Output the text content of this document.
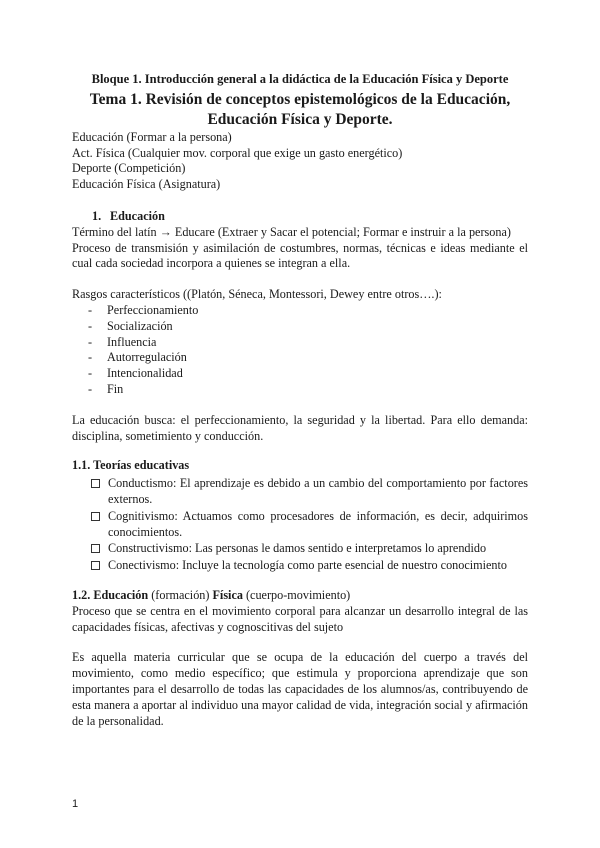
Bloque 1. Introducción general a la didáctica de la Educación Física y Deporte
Tema 1. Revisión de conceptos epistemológicos de la Educación, Educación Física y Deporte.
Educación (Formar a la persona)
Act. Física (Cualquier mov. corporal que exige un gasto energético)
Deporte (Competición)
Educación Física (Asignatura)
1. Educación
Término del latín → Educare (Extraer y Sacar el potencial; Formar e instruir a la persona)
Proceso de transmisión y asimilación de costumbres, normas, técnicas e ideas mediante el cual cada sociedad incorpora a quienes se integran a ella.
Rasgos característicos ((Platón, Séneca, Montessori, Dewey entre otros….):
- Perfeccionamiento
- Socialización
- Influencia
- Autorregulación
- Intencionalidad
- Fin
La educación busca: el perfeccionamiento, la seguridad y la libertad. Para ello demanda: disciplina, sometimiento y conducción.
1.1. Teorías educativas
Conductismo: El aprendizaje es debido a un cambio del comportamiento por factores externos.
Cognitivismo: Actuamos como procesadores de información, es decir, adquirimos conocimientos.
Constructivismo: Las personas le damos sentido e interpretamos lo aprendido
Conectivismo: Incluye la tecnología como parte esencial de nuestro conocimiento
1.2. Educación (formación) Física (cuerpo-movimiento)
Proceso que se centra en el movimiento corporal para alcanzar un desarrollo integral de las capacidades físicas, afectivas y cognoscitivas del sujeto
Es aquella materia curricular que se ocupa de la educación del cuerpo a través del movimiento, como medio específico; que estimula y proporciona aprendizaje que son importantes para el desarrollo de todas las capacidades de los alumnos/as, contribuyendo de esta manera a aportar al individuo una mayor calidad de vida, integración social y afirmación de la personalidad.
1
